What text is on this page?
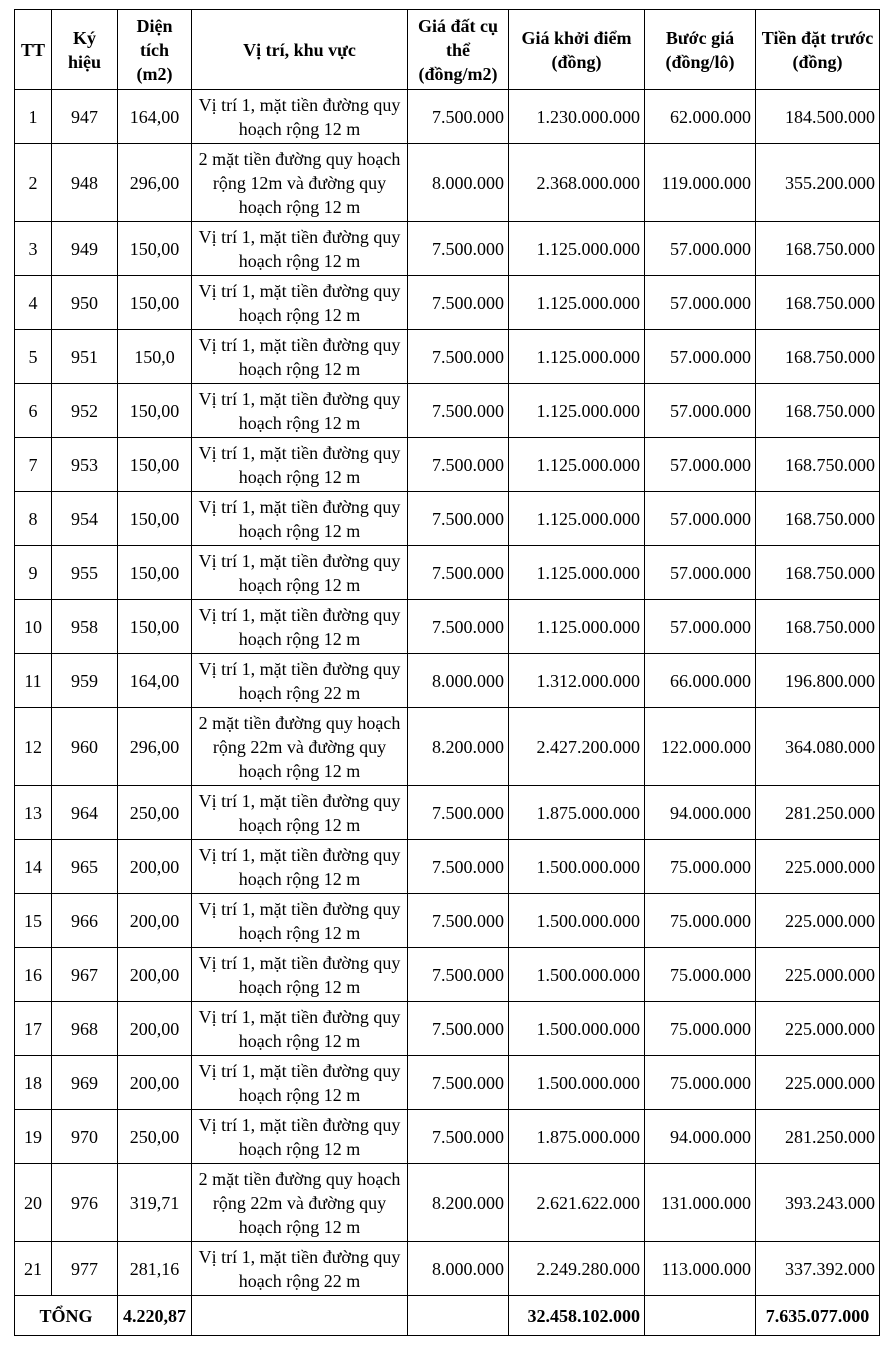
TT	Ký hiệu	Diện tích (m2)	Vị trí, khu vực	Giá đất cụ thể (đồng/m2)	Giá khởi điểm (đồng)	Bước giá (đồng/lô)	Tiền đặt trước (đồng)
1	947	164,00	Vị trí 1, mặt tiền đường quy hoạch rộng 12 m	7.500.000	1.230.000.000	62.000.000	184.500.000
2	948	296,00	2 mặt tiền đường quy hoạch rộng 12m và đường quy hoạch rộng 12 m	8.000.000	2.368.000.000	119.000.000	355.200.000
3	949	150,00	Vị trí 1, mặt tiền đường quy hoạch rộng 12 m	7.500.000	1.125.000.000	57.000.000	168.750.000
4	950	150,00	Vị trí 1, mặt tiền đường quy hoạch rộng 12 m	7.500.000	1.125.000.000	57.000.000	168.750.000
5	951	150,0	Vị trí 1, mặt tiền đường quy hoạch rộng 12 m	7.500.000	1.125.000.000	57.000.000	168.750.000
6	952	150,00	Vị trí 1, mặt tiền đường quy hoạch rộng 12 m	7.500.000	1.125.000.000	57.000.000	168.750.000
7	953	150,00	Vị trí 1, mặt tiền đường quy hoạch rộng 12 m	7.500.000	1.125.000.000	57.000.000	168.750.000
8	954	150,00	Vị trí 1, mặt tiền đường quy hoạch rộng 12 m	7.500.000	1.125.000.000	57.000.000	168.750.000
9	955	150,00	Vị trí 1, mặt tiền đường quy hoạch rộng 12 m	7.500.000	1.125.000.000	57.000.000	168.750.000
10	958	150,00	Vị trí 1, mặt tiền đường quy hoạch rộng 12 m	7.500.000	1.125.000.000	57.000.000	168.750.000
11	959	164,00	Vị trí 1, mặt tiền đường quy hoạch rộng 22 m	8.000.000	1.312.000.000	66.000.000	196.800.000
12	960	296,00	2 mặt tiền đường quy hoạch rộng 22m và đường quy hoạch rộng 12 m	8.200.000	2.427.200.000	122.000.000	364.080.000
13	964	250,00	Vị trí 1, mặt tiền đường quy hoạch rộng 12 m	7.500.000	1.875.000.000	94.000.000	281.250.000
14	965	200,00	Vị trí 1, mặt tiền đường quy hoạch rộng 12 m	7.500.000	1.500.000.000	75.000.000	225.000.000
15	966	200,00	Vị trí 1, mặt tiền đường quy hoạch rộng 12 m	7.500.000	1.500.000.000	75.000.000	225.000.000
16	967	200,00	Vị trí 1, mặt tiền đường quy hoạch rộng 12 m	7.500.000	1.500.000.000	75.000.000	225.000.000
17	968	200,00	Vị trí 1, mặt tiền đường quy hoạch rộng 12 m	7.500.000	1.500.000.000	75.000.000	225.000.000
18	969	200,00	Vị trí 1, mặt tiền đường quy hoạch rộng 12 m	7.500.000	1.500.000.000	75.000.000	225.000.000
19	970	250,00	Vị trí 1, mặt tiền đường quy hoạch rộng 12 m	7.500.000	1.875.000.000	94.000.000	281.250.000
20	976	319,71	2 mặt tiền đường quy hoạch rộng 22m và đường quy hoạch rộng 12 m	8.200.000	2.621.622.000	131.000.000	393.243.000
21	977	281,16	Vị trí 1, mặt tiền đường quy hoạch rộng 22 m	8.000.000	2.249.280.000	113.000.000	337.392.000
TỔNG		4.220,87			32.458.102.000		7.635.077.000
